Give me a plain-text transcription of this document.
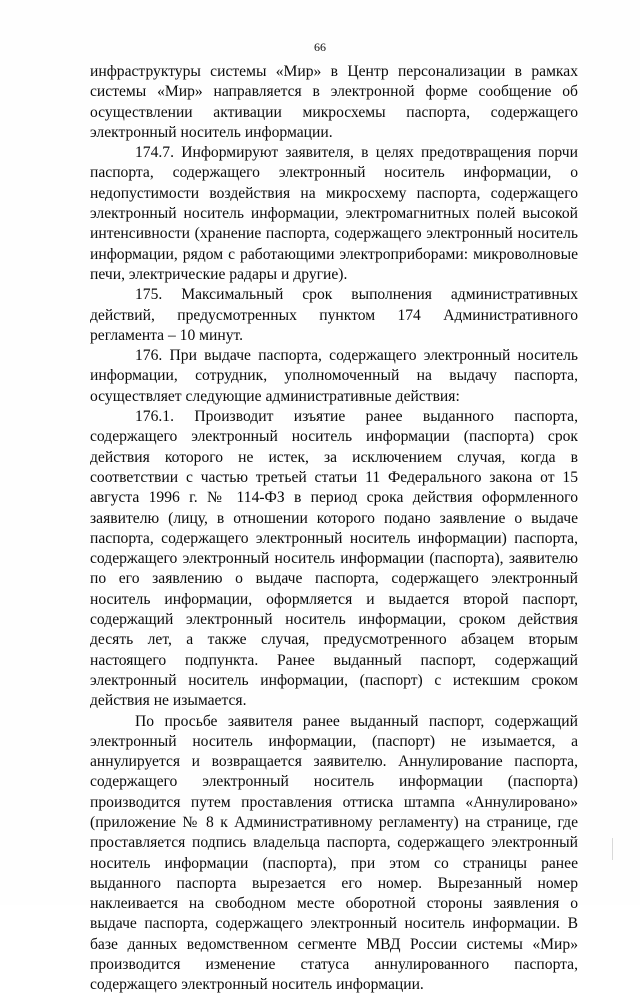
66

инфраструктуры системы «Мир» в Центр персонализации в рамках системы «Мир» направляется в электронной форме сообщение об осуществлении активации микросхемы паспорта, содержащего электронный носитель информации.

174.7. Информируют заявителя, в целях предотвращения порчи паспорта, содержащего электронный носитель информации, о недопустимости воздействия на микросхему паспорта, содержащего электронный носитель информации, электромагнитных полей высокой интенсивности (хранение паспорта, содержащего электронный носитель информации, рядом с работающими электроприборами: микроволновые печи, электрические радары и другие).

175. Максимальный срок выполнения административных действий, предусмотренных пунктом 174 Административного регламента – 10 минут.

176. При выдаче паспорта, содержащего электронный носитель информации, сотрудник, уполномоченный на выдачу паспорта, осуществляет следующие административные действия:

176.1. Производит изъятие ранее выданного паспорта, содержащего электронный носитель информации (паспорта) срок действия которого не истек, за исключением случая, когда в соответствии с частью третьей статьи 11 Федерального закона от 15 августа 1996 г. № 114-ФЗ в период срока действия оформленного заявителю (лицу, в отношении которого подано заявление о выдаче паспорта, содержащего электронный носитель информации) паспорта, содержащего электронный носитель информации (паспорта), заявителю по его заявлению о выдаче паспорта, содержащего электронный носитель информации, оформляется и выдается второй паспорт, содержащий электронный носитель информации, сроком действия десять лет, а также случая, предусмотренного абзацем вторым настоящего подпункта. Ранее выданный паспорт, содержащий электронный носитель информации, (паспорт) с истекшим сроком действия не изымается.

По просьбе заявителя ранее выданный паспорт, содержащий электронный носитель информации, (паспорт) не изымается, а аннулируется и возвращается заявителю. Аннулирование паспорта, содержащего электронный носитель информации (паспорта) производится путем проставления оттиска штампа «Аннулировано» (приложение № 8 к Административному регламенту) на странице, где проставляется подпись владельца паспорта, содержащего электронный носитель информации (паспорта), при этом со страницы ранее выданного паспорта вырезается его номер. Вырезанный номер наклеивается на свободном месте оборотной стороны заявления о выдаче паспорта, содержащего электронный носитель информации. В базе данных ведомственном сегменте МВД России системы «Мир» производится изменение статуса аннулированного паспорта, содержащего электронный носитель информации.
